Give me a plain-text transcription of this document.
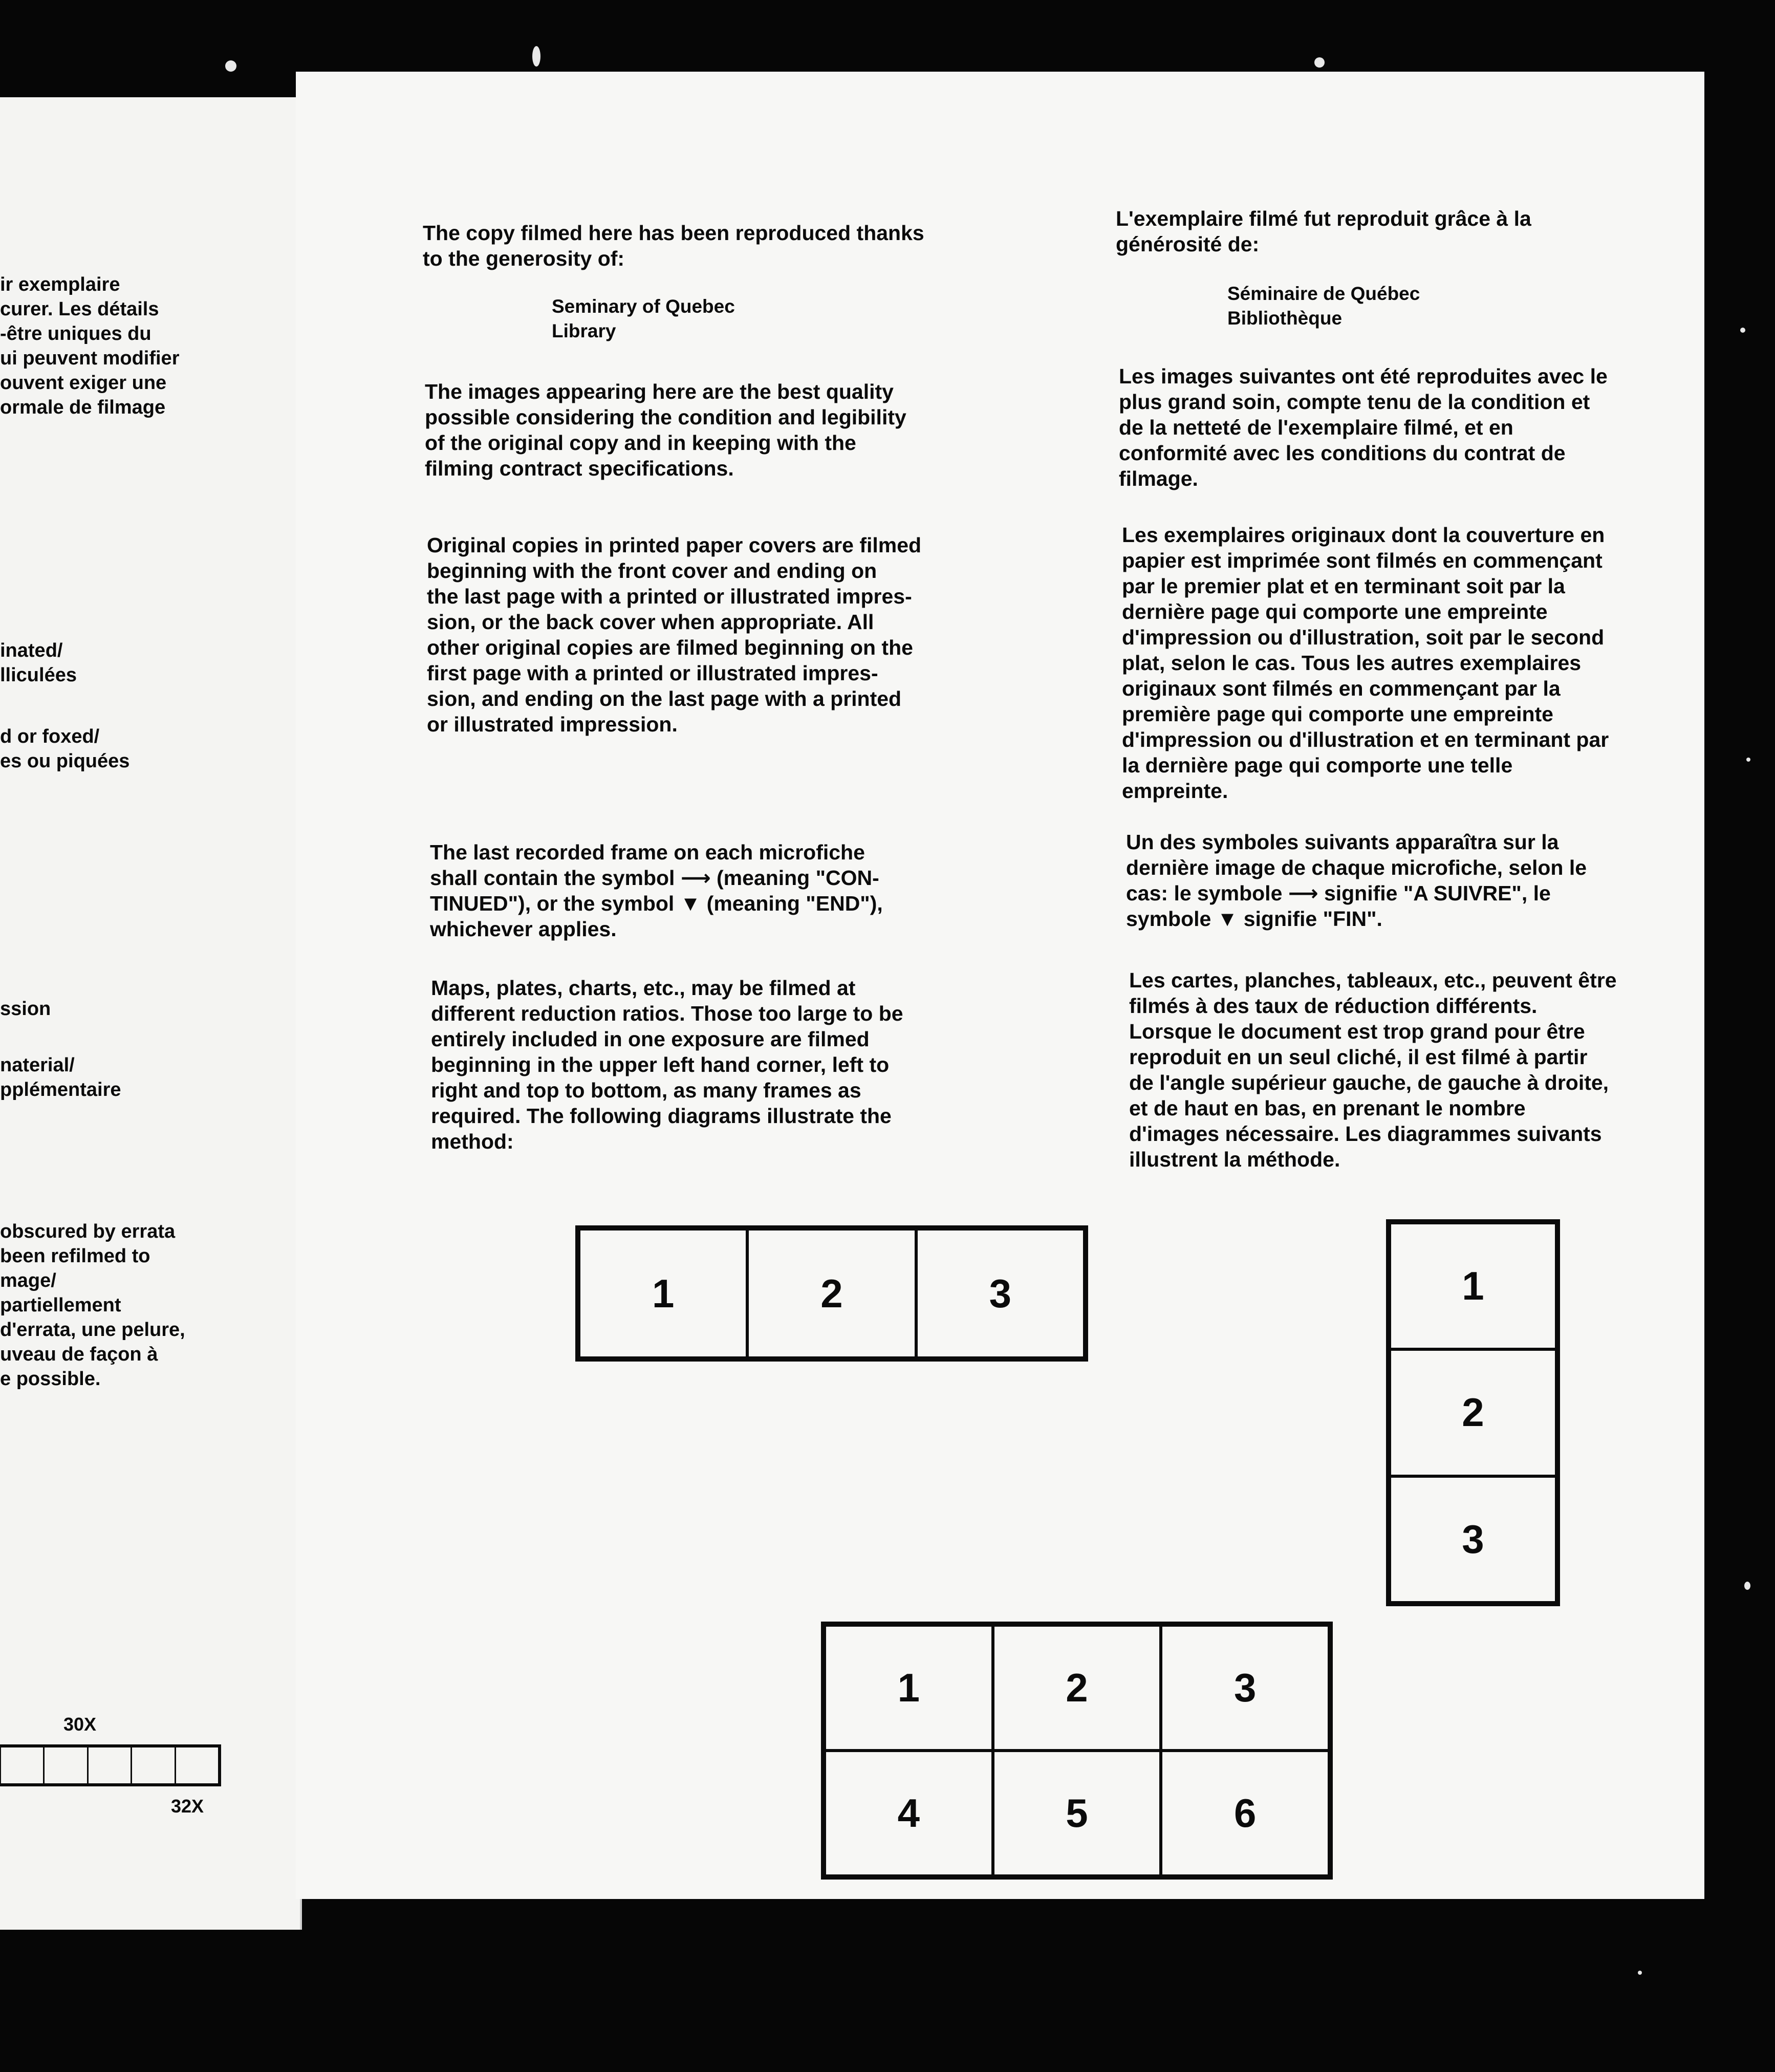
ir exemplaire
curer. Les détails
-être uniques du
ui peuvent modifier
ouvent exiger une
ormale de filmage
inated/
lliculées
d or foxed/
es ou piquées
ssion
naterial/
pplémentaire
obscured by errata
been refilmed to
mage/
partiellement
d'errata, une pelure,
uveau de façon à
e possible.
30X
32X
The copy filmed here has been reproduced thanks
to the generosity of:
Seminary of Quebec
Library
The images appearing here are the best quality
possible considering the condition and legibility
of the original copy and in keeping with the
filming contract specifications.
Original copies in printed paper covers are filmed
beginning with the front cover and ending on
the last page with a printed or illustrated impres-
sion, or the back cover when appropriate. All
other original copies are filmed beginning on the
first page with a printed or illustrated impres-
sion, and ending on the last page with a printed
or illustrated impression.
The last recorded frame on each microfiche
shall contain the symbol ⟶ (meaning "CON-
TINUED"), or the symbol ▼ (meaning "END"),
whichever applies.
Maps, plates, charts, etc., may be filmed at
different reduction ratios. Those too large to be
entirely included in one exposure are filmed
beginning in the upper left hand corner, left to
right and top to bottom, as many frames as
required. The following diagrams illustrate the
method:
L'exemplaire filmé fut reproduit grâce à la
générosité de:
Séminaire de Québec
Bibliothèque
Les images suivantes ont été reproduites avec le
plus grand soin, compte tenu de la condition et
de la netteté de l'exemplaire filmé, et en
conformité avec les conditions du contrat de
filmage.
Les exemplaires originaux dont la couverture en
papier est imprimée sont filmés en commençant
par le premier plat et en terminant soit par la
dernière page qui comporte une empreinte
d'impression ou d'illustration, soit par le second
plat, selon le cas. Tous les autres exemplaires
originaux sont filmés en commençant par la
première page qui comporte une empreinte
d'impression ou d'illustration et en terminant par
la dernière page qui comporte une telle
empreinte.
Un des symboles suivants apparaîtra sur la
dernière image de chaque microfiche, selon le
cas: le symbole ⟶ signifie "A SUIVRE", le
symbole ▼ signifie "FIN".
Les cartes, planches, tableaux, etc., peuvent être
filmés à des taux de réduction différents.
Lorsque le document est trop grand pour être
reproduit en un seul cliché, il est filmé à partir
de l'angle supérieur gauche, de gauche à droite,
et de haut en bas, en prenant le nombre
d'images nécessaire. Les diagrammes suivants
illustrent la méthode.
1	2	3	1
2
3
1	2	3
4	5	6
